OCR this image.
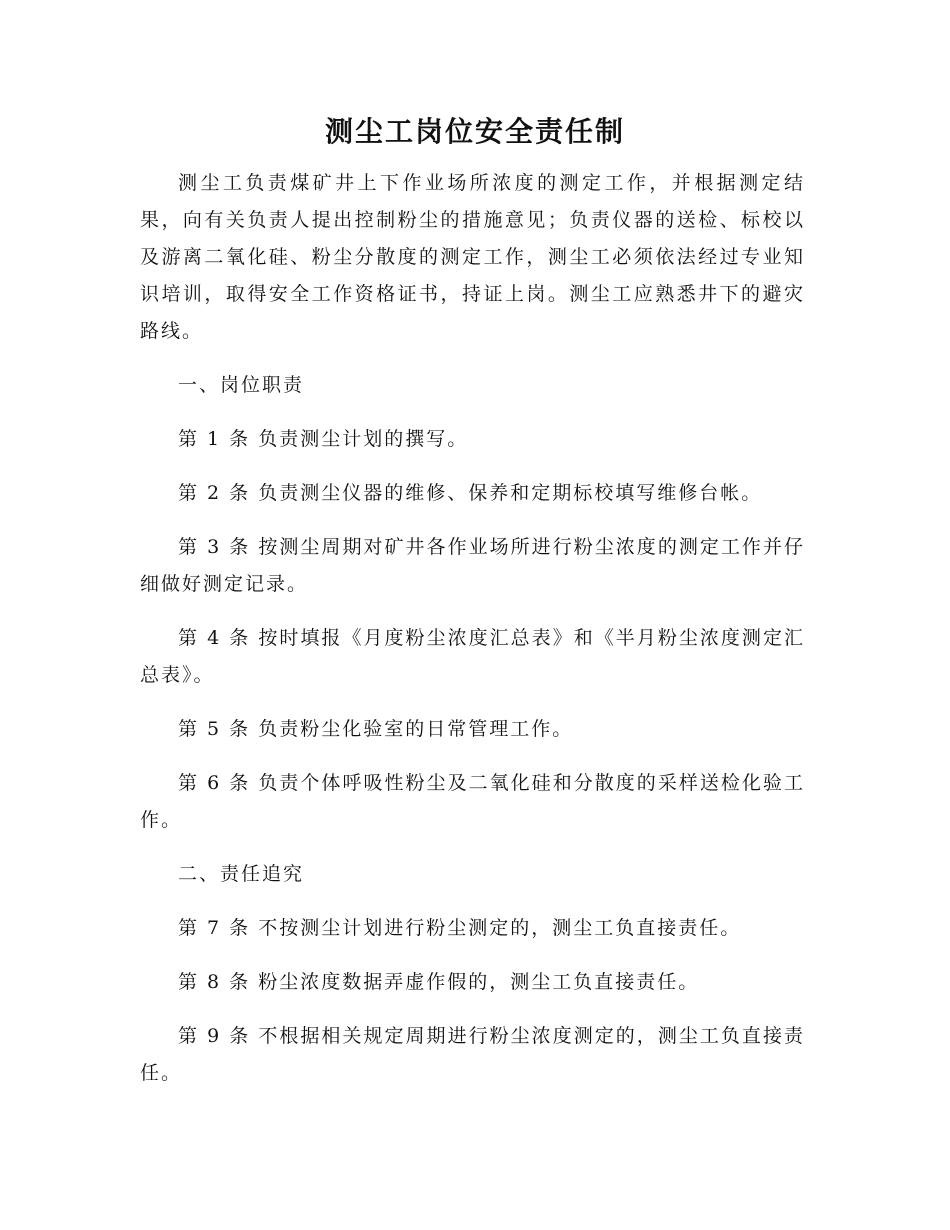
测尘工岗位安全责任制

测尘工负责煤矿井上下作业场所浓度的测定工作，并根据测定结果，向有关负责人提出控制粉尘的措施意见；负责仪器的送检、标校以及游离二氧化硅、粉尘分散度的测定工作，测尘工必须依法经过专业知识培训，取得安全工作资格证书，持证上岗。测尘工应熟悉井下的避灾路线。

一、岗位职责

第 1 条 负责测尘计划的撰写。

第 2 条 负责测尘仪器的维修、保养和定期标校填写维修台帐。

第 3 条 按测尘周期对矿井各作业场所进行粉尘浓度的测定工作并仔细做好测定记录。

第 4 条 按时填报《月度粉尘浓度汇总表》和《半月粉尘浓度测定汇总表》。

第 5 条 负责粉尘化验室的日常管理工作。

第 6 条 负责个体呼吸性粉尘及二氧化硅和分散度的采样送检化验工作。

二、责任追究

第 7 条 不按测尘计划进行粉尘测定的，测尘工负直接责任。

第 8 条 粉尘浓度数据弄虚作假的，测尘工负直接责任。

第 9 条 不根据相关规定周期进行粉尘浓度测定的，测尘工负直接责任。
